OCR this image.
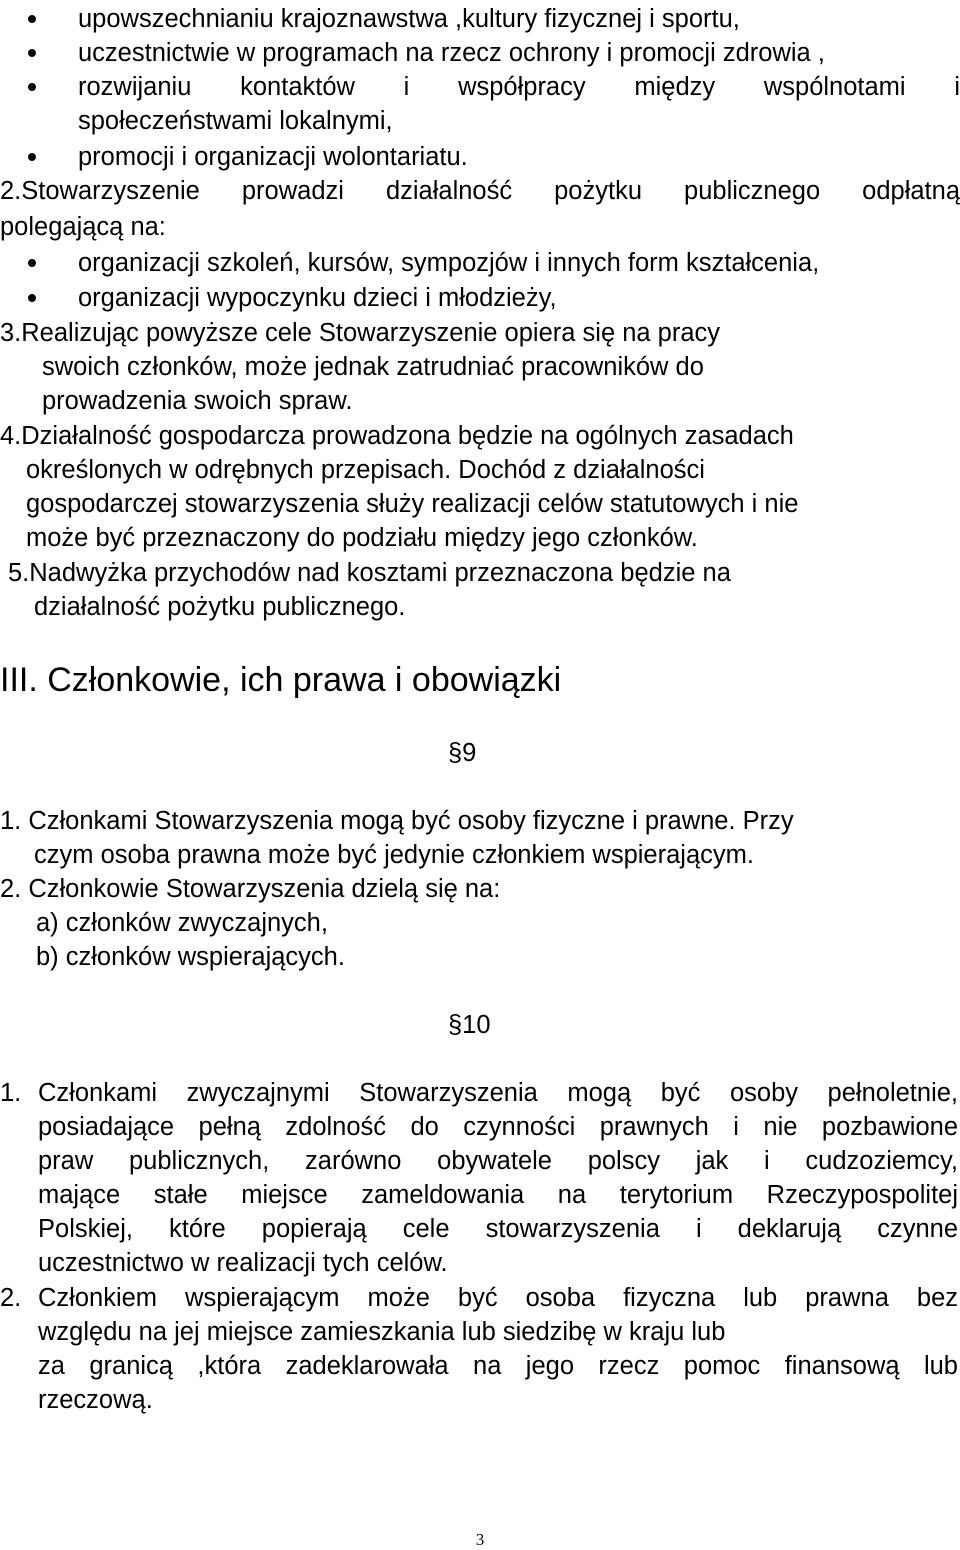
upowszechnianiu krajoznawstwa ,kultury fizycznej i sportu,
uczestnictwie w programach na rzecz ochrony i promocji zdrowia ,
rozwijaniu kontaktów i współpracy między wspólnotami i
społeczeństwami lokalnymi,
promocji i organizacji wolontariatu.
2.Stowarzyszenie prowadzi działalność pożytku publicznego odpłatną
polegającą na:
organizacji szkoleń, kursów, sympozjów i innych form kształcenia,
organizacji wypoczynku dzieci i młodzieży,
3.Realizując powyższe cele Stowarzyszenie opiera się na pracy
swoich członków, może jednak zatrudniać pracowników do
prowadzenia swoich spraw.
4.Działalność gospodarcza prowadzona będzie na ogólnych zasadach
określonych w odrębnych przepisach. Dochód z działalności
gospodarczej stowarzyszenia służy realizacji celów statutowych i nie
może być przeznaczony do podziału między jego członków.
5.Nadwyżka przychodów nad kosztami przeznaczona będzie na
działalność pożytku publicznego.
III. Członkowie, ich prawa i obowiązki
§9
1. Członkami Stowarzyszenia mogą być osoby fizyczne i prawne. Przy
czym osoba prawna może być jedynie członkiem wspierającym.
2. Członkowie Stowarzyszenia dzielą się na:
a) członków zwyczajnych,
b) członków wspierających.
§10
1. Członkami zwyczajnymi Stowarzyszenia mogą być osoby pełnoletnie,
posiadające pełną zdolność do czynności prawnych i nie pozbawione
praw publicznych, zarówno obywatele polscy jak i cudzoziemcy,
mające stałe miejsce zameldowania na terytorium Rzeczypospolitej
Polskiej, które popierają cele stowarzyszenia i deklarują czynne
uczestnictwo w realizacji tych celów.
2. Członkiem wspierającym może być osoba fizyczna lub prawna bez
względu na jej miejsce zamieszkania lub siedzibę w kraju lub
za granicą ,która zadeklarowała na jego rzecz pomoc finansową lub
rzeczową.
3
